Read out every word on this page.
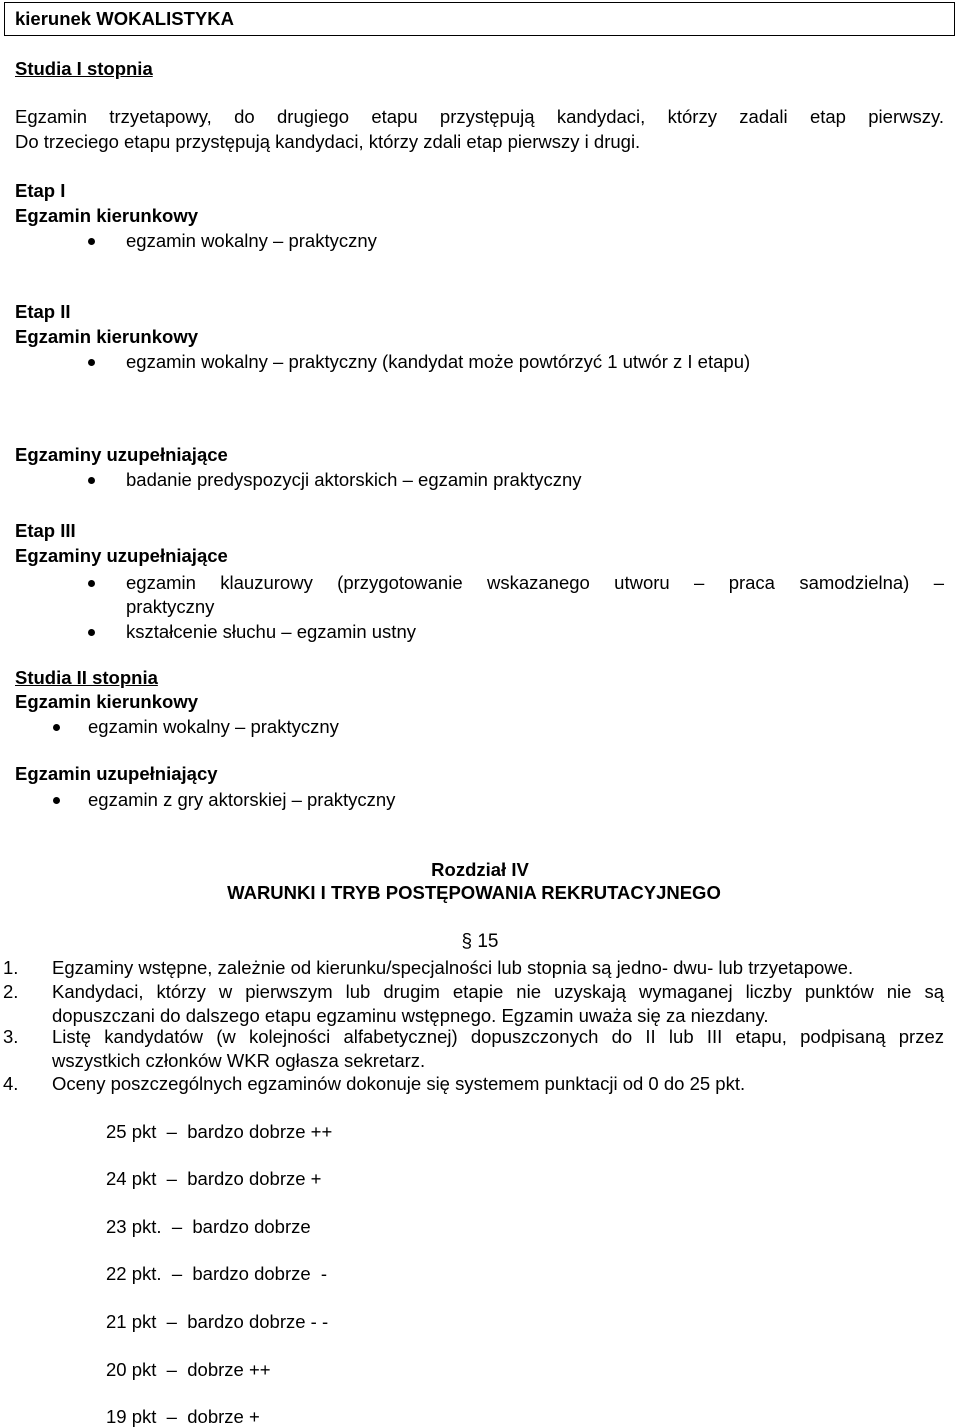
kierunek WOKALISTYKA
Studia I stopnia
Egzamin trzyetapowy, do drugiego etapu przystępują kandydaci, którzy zadali etap pierwszy.
Do trzeciego etapu przystępują kandydaci, którzy zdali etap pierwszy i drugi.
Etap I
Egzamin kierunkowy
egzamin wokalny – praktyczny
Etap II
Egzamin kierunkowy
egzamin wokalny – praktyczny (kandydat może powtórzyć 1 utwór z I etapu)
Egzaminy uzupełniające
badanie predyspozycji aktorskich – egzamin praktyczny
Etap III
Egzaminy uzupełniające
egzamin klauzurowy (przygotowanie wskazanego utworu – praca samodzielna) –
praktyczny
kształcenie słuchu – egzamin ustny
Studia II stopnia
Egzamin kierunkowy
egzamin wokalny – praktyczny
Egzamin uzupełniający
egzamin z gry aktorskiej – praktyczny
Rozdział IV
WARUNKI I TRYB POSTĘPOWANIA REKRUTACYJNEGO
§ 15
1. Egzaminy wstępne, zależnie od kierunku/specjalności lub stopnia są jedno- dwu- lub trzyetapowe.
2. Kandydaci, którzy w pierwszym lub drugim etapie nie uzyskają wymaganej liczby punktów nie są
dopuszczani do dalszego etapu egzaminu wstępnego. Egzamin uważa się za niezdany.
3. Listę kandydatów (w kolejności alfabetycznej) dopuszczonych do II lub III etapu, podpisaną przez
wszystkich członków WKR ogłasza sekretarz.
4. Oceny poszczególnych egzaminów dokonuje się systemem punktacji od 0 do 25 pkt.
25 pkt  –  bardzo dobrze ++
24 pkt  –  bardzo dobrze +
23 pkt.  –  bardzo dobrze
22 pkt.  –  bardzo dobrze  -
21 pkt  –  bardzo dobrze - -
20 pkt  –  dobrze ++
19 pkt  –  dobrze +
